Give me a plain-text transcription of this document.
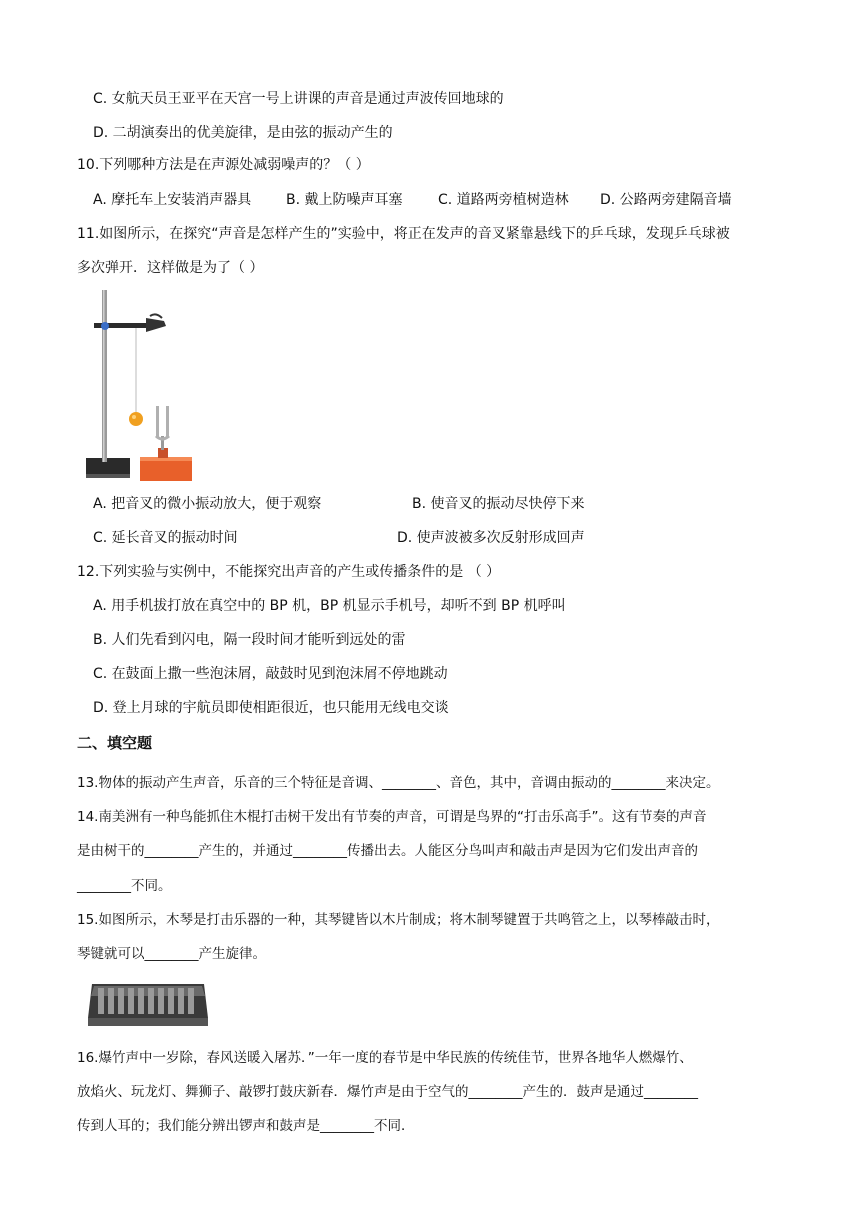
C. 女航天员王亚平在天宫一号上讲课的声音是通过声波传回地球的
D. 二胡演奏出的优美旋律，是由弦的振动产生的
10.下列哪种方法是在声源处减弱噪声的？（ ）
A. 摩托车上安装消声器具 B. 戴上防噪声耳塞	C. 道路两旁植树造林 D. 公路两旁建隔音墙
11.如图所示，在探究“声音是怎样产生的”实验中，将正在发声的音叉紧靠悬线下的乒乓球，发现乒乓球被
多次弹开．这样做是为了（ ）
A. 把音叉的微小振动放大，便于观察	B. 使音叉的振动尽快停下来
C. 延长音叉的振动时间	D. 使声波被多次反射形成回声
12.下列实验与实例中，不能探究出声音的产生或传播条件的是 （ ）
A. 用手机拔打放在真空中的 BP 机，BP 机显示手机号，却听不到 BP 机呼叫
B. 人们先看到闪电，隔一段时间才能听到远处的雷
C. 在鼓面上撒一些泡沫屑，敲鼓时见到泡沫屑不停地跳动
D. 登上月球的宇航员即使相距很近，也只能用无线电交谈
二、填空题
13.物体的振动产生声音，乐音的三个特征是音调、________、音色，其中，音调由振动的________来决定。
14.南美洲有一种鸟能抓住木棍打击树干发出有节奏的声音，可谓是鸟界的“打击乐高手”。这有节奏的声音
是由树干的________产生的，并通过________传播出去。人能区分鸟叫声和敲击声是因为它们发出声音的
________不同。
15.如图所示，木琴是打击乐器的一种，其琴键皆以木片制成；将木制琴键置于共鸣管之上，以琴棒敲击时，
琴键就可以________产生旋律。
16.爆竹声中一岁除，春风送暖入屠苏．”一年一度的春节是中华民族的传统佳节，世界各地华人燃爆竹、
放焰火、玩龙灯、舞狮子、敲锣打鼓庆新春．爆竹声是由于空气的________产生的．鼓声是通过________
传到人耳的；我们能分辨出锣声和鼓声是________不同．
